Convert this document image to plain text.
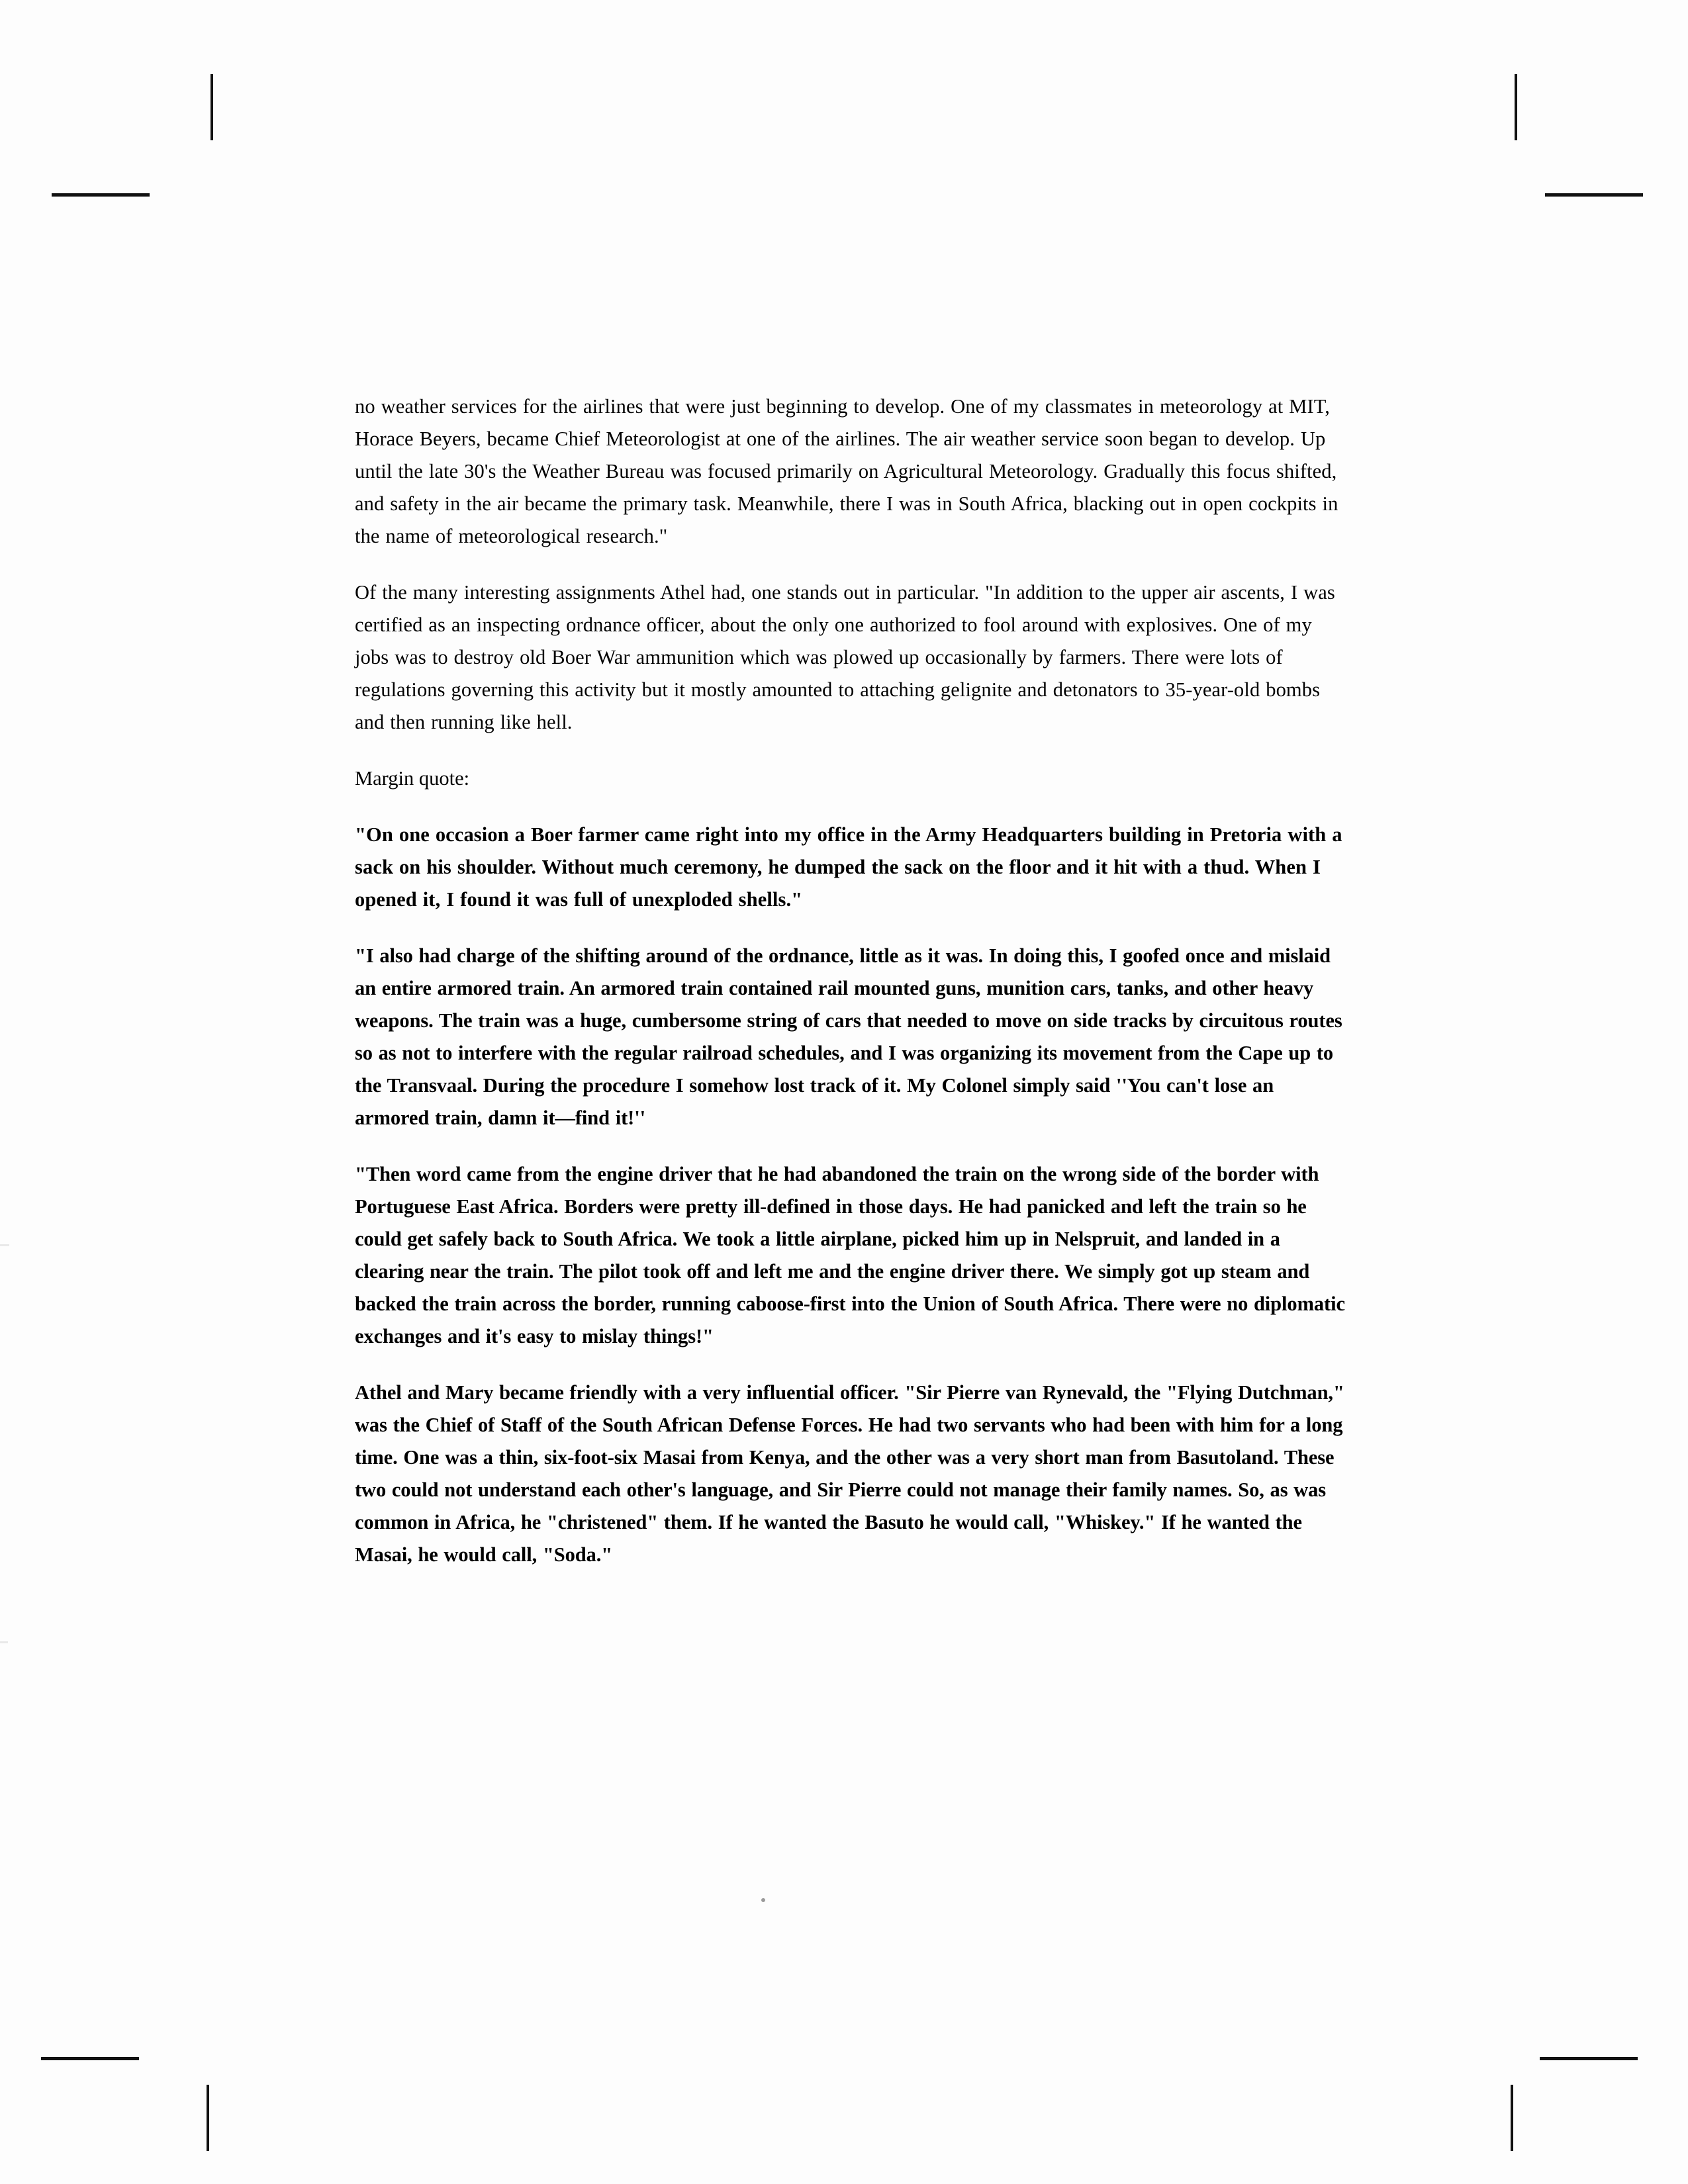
no weather services for the airlines that were just beginning to develop. One of my classmates in meteorology at MIT, Horace Beyers, became Chief Meteorologist at one of the airlines. The air weather service soon began to develop. Up until the late 30's the Weather Bureau was focused primarily on Agricultural Meteorology. Gradually this focus shifted, and safety in the air became the primary task. Meanwhile, there I was in South Africa, blacking out in open cockpits in the name of meteorological research."

Of the many interesting assignments Athel had, one stands out in particular. "In addition to the upper air ascents, I was certified as an inspecting ordnance officer, about the only one authorized to fool around with explosives. One of my jobs was to destroy old Boer War ammunition which was plowed up occasionally by farmers. There were lots of regulations governing this activity but it mostly amounted to attaching gelignite and detonators to 35-year-old bombs and then running like hell.

Margin quote:

"On one occasion a Boer farmer came right into my office in the Army Headquarters building in Pretoria with a sack on his shoulder. Without much ceremony, he dumped the sack on the floor and it hit with a thud. When I opened it, I found it was full of unexploded shells."

"I also had charge of the shifting around of the ordnance, little as it was. In doing this, I goofed once and mislaid an entire armored train. An armored train contained rail mounted guns, munition cars, tanks, and other heavy weapons. The train was a huge, cumbersome string of cars that needed to move on side tracks by circuitous routes so as not to interfere with the regular railroad schedules, and I was organizing its movement from the Cape up to the Transvaal. During the procedure I somehow lost track of it. My Colonel simply said ''You can't lose an armored train, damn it—find it!''

"Then word came from the engine driver that he had abandoned the train on the wrong side of the border with Portuguese East Africa. Borders were pretty ill-defined in those days. He had panicked and left the train so he could get safely back to South Africa. We took a little airplane, picked him up in Nelspruit, and landed in a clearing near the train. The pilot took off and left me and the engine driver there. We simply got up steam and backed the train across the border, running caboose-first into the Union of South Africa. There were no diplomatic exchanges and it's easy to mislay things!"

Athel and Mary became friendly with a very influential officer. "Sir Pierre van Rynevald, the "Flying Dutchman," was the Chief of Staff of the South African Defense Forces. He had two servants who had been with him for a long time. One was a thin, six-foot-six Masai from Kenya, and the other was a very short man from Basutoland. These two could not understand each other's language, and Sir Pierre could not manage their family names. So, as was common in Africa, he "christened" them. If he wanted the Basuto he would call, "Whiskey." If he wanted the Masai, he would call, "Soda."
